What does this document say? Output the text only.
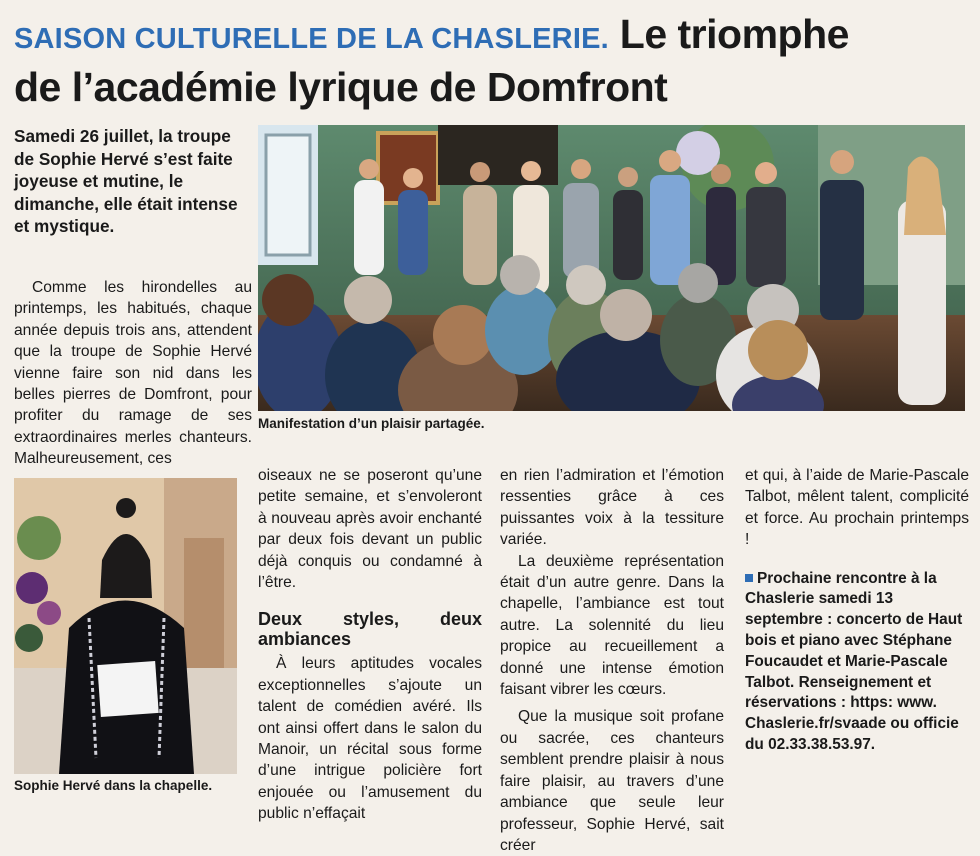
SAISON CULTURELLE DE LA CHASLERIE. Le triomphe
de l’académie lyrique de Domfront
Samedi 26 juillet, la troupe de Sophie Hervé s’est faite joyeuse et mutine, le dimanche, elle était intense et mystique.

Comme les hirondelles au printemps, les habitués, chaque année depuis trois ans, attendent que la troupe de Sophie Hervé vienne faire son nid dans les belles pierres de Domfront, pour profiter du ramage de ses extraordinaires merles chanteurs. Malheureusement, ces

Manifestation d’un plaisir partagée.
Sophie Hervé dans la chapelle.

oiseaux ne se poseront qu’une petite semaine, et s’envoleront à nouveau après avoir enchanté par deux fois devant un public déjà conquis ou condamné à l’être.

Deux styles, deux ambiances

À leurs aptitudes vocales exceptionnelles s’ajoute un talent de comédien avéré. Ils ont ainsi offert dans le salon du Manoir, un récital sous forme d’une intrigue policière fort enjouée ou l’amusement du public n’effaçait

en rien l’admiration et l’émotion ressenties grâce à ces puissantes voix à la tessiture variée.

La deuxième représentation était d’un autre genre. Dans la chapelle, l’ambiance est tout autre. La solennité du lieu propice au recueillement a donné une intense émotion faisant vibrer les cœurs.

Que la musique soit profane ou sacrée, ces chanteurs semblent prendre plaisir à nous faire plaisir, au travers d’une ambiance que seule leur professeur, Sophie Hervé, sait créer

et qui, à l’aide de Marie-Pascale Talbot, mêlent talent, complicité et force. Au prochain printemps !

Prochaine rencontre à la Chaslerie samedi 13 septembre : concerto de Haut bois et piano avec Stéphane Foucaudet et Marie-Pascale Talbot. Renseignement et réservations : https: www. Chaslerie.fr/svaade ou officie du 02.33.38.53.97.
